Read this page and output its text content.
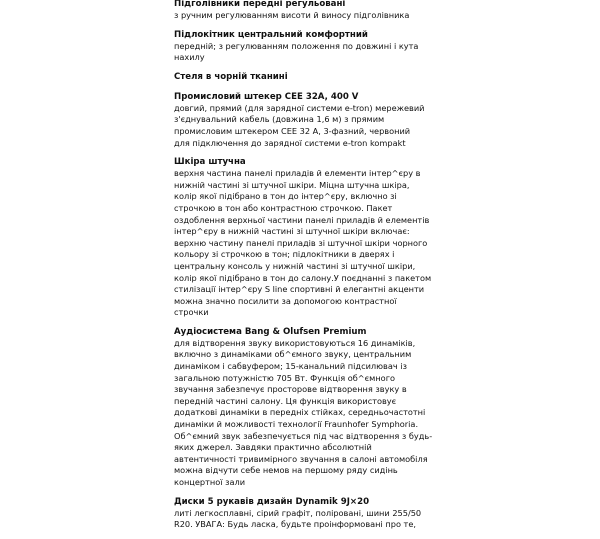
Підголівники передні регульовані

з ручним регулюванням висоти й виносу підголівника

Підлокітник центральний комфортний

передній; з регулюванням положення по довжині і кута

нахилу

Стеля в чорній тканині

Промисловий штекер CEE 32A, 400 V

довгий, прямий (для зарядної системи e-tron) мережевий

з'єднувальний кабель (довжина 1,6 м) з прямим

промисловим штекером CEE 32 A, 3-фазний, червоний

для підключення до зарядної системи e-tron kompakt

Шкіра штучна

верхня частина панелі приладів й елементи інтер^єру в

нижній частині зі штучної шкіри. Міцна штучна шкіра,

колір якої підібрано в тон до інтер^єру, включно зі

строчкою в тон або контрастною строчкою. Пакет

оздоблення верхньої частини панелі приладів й елементів

інтер^єру в нижній частині зі штучної шкіри включає:

верхню частину панелі приладів зі штучної шкіри чорного

кольору зі строчкою в тон; підлокітники в дверях і

центральну консоль у нижній частині зі штучної шкіри,

колір якої підібрано в тон до салону.У поєднанні з пакетом

стилізації інтер^єру S line спортивні й елегантні акценти

можна значно посилити за допомогою контрастної

строчки

Аудіосистема Bang & Olufsen Premium

для відтворення звуку використовуються 16 динаміків,

включно з динаміками об^ємного звуку, центральним

динаміком і сабвуфером; 15-канальний підсилювач із

загальною потужністю 705 Вт. Функція об^ємного

звучання забезпечує просторове відтворення звуку в

передній частині салону. Ця функція використовує

додаткові динаміки в передніх стійках, середньочастотні

динаміки й можливості технології Fraunhofer Symphoria.

Об^ємний звук забезпечується під час відтворення з будь-

яких джерел. Завдяки практично абсолютній

автентичності тривимірного звучання в салоні автомобіля

можна відчути себе немов на першому ряду сидінь

концертної зали

Диски 5 рукавів дизайн Dynamik 9J×20

литі легкосплавні, сірий графіт, поліровані, шини 255/50

R20. УВАГА: Будь ласка, будьте проінформовані про те,
